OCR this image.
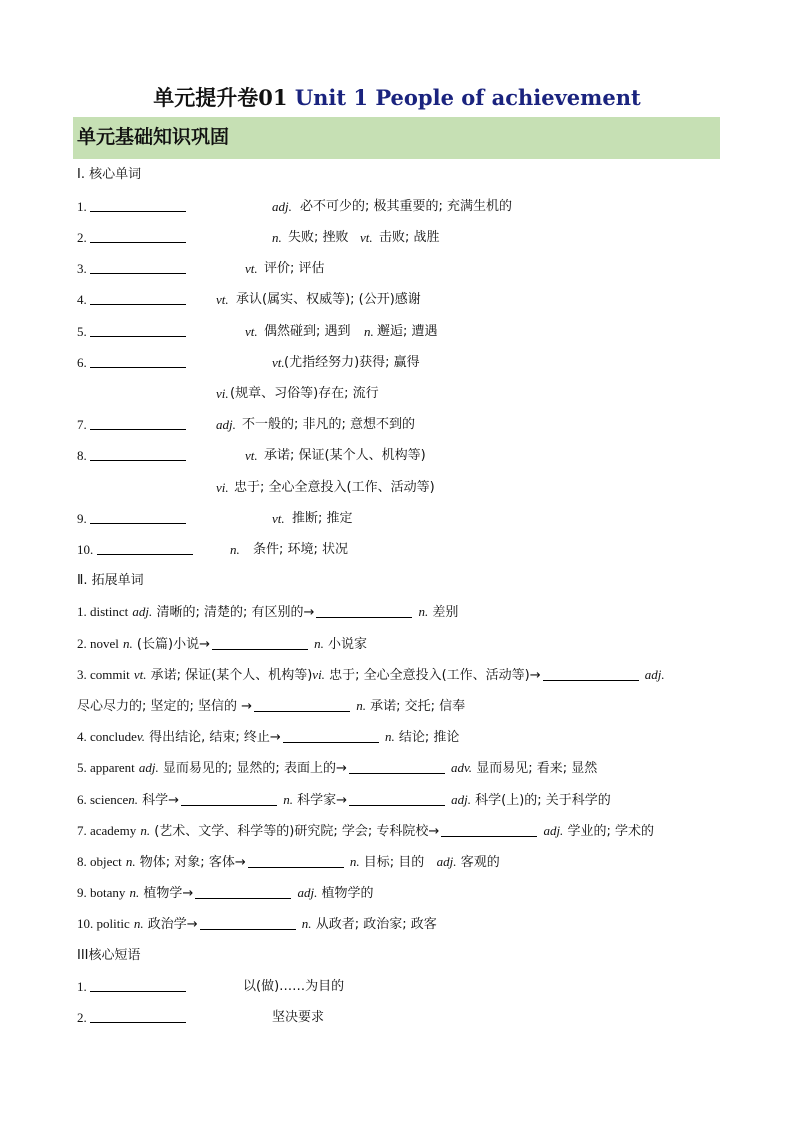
单元提升卷01 Unit 1 People of achievement
单元基础知识巩固
Ⅰ. 核心单词
1.	adj. 必不可少的; 极其重要的; 充满生机的
2.	n. 失败; 挫败 vt. 击败; 战胜
3.	vt. 评价; 评估
4.	vt. 承认(属实、权威等); (公开)感谢
5.	vt. 偶然碰到; 遇到 n. 邂逅; 遭遇
6.	vt. (尤指经努力)获得; 赢得
vi. (规章、习俗等)存在; 流行
7.	adj. 不一般的; 非凡的; 意想不到的
8.	vt. 承诺; 保证(某个人、机构等)
vi. 忠于; 全心全意投入(工作、活动等)
9.	vt. 推断; 推定
10.	n. 条件; 环境; 状况
Ⅱ. 拓展单词
1. distinct adj. 清晰的; 清楚的; 有区别的→	n. 差别
2. novel n. (长篇)小说→	n. 小说家
3. commit vt. 承诺; 保证(某个人、机构等)vi. 忠于; 全心全意投入(工作、活动等)→	adj.
尽心尽力的; 坚定的; 坚信的 →	n. 承诺; 交托; 信奉
4. concludev. 得出结论, 结束; 终止→	n. 结论; 推论
5. apparent adj. 显而易见的; 显然的; 表面上的→	adv. 显而易见; 看来; 显然
6. sciencen. 科学→	n. 科学家→	adj. 科学(上)的; 关于科学的
7. academy n. (艺术、文学、科学等的)研究院; 学会; 专科院校→	adj. 学业的; 学术的
8. object n. 物体; 对象; 客体→	n. 目标; 目的 adj. 客观的
9. botany n. 植物学→	adj. 植物学的
10. politic n. 政治学→	n. 从政者; 政治家; 政客
III核心短语
1.	以(做)……为目的
2.	坚决要求
